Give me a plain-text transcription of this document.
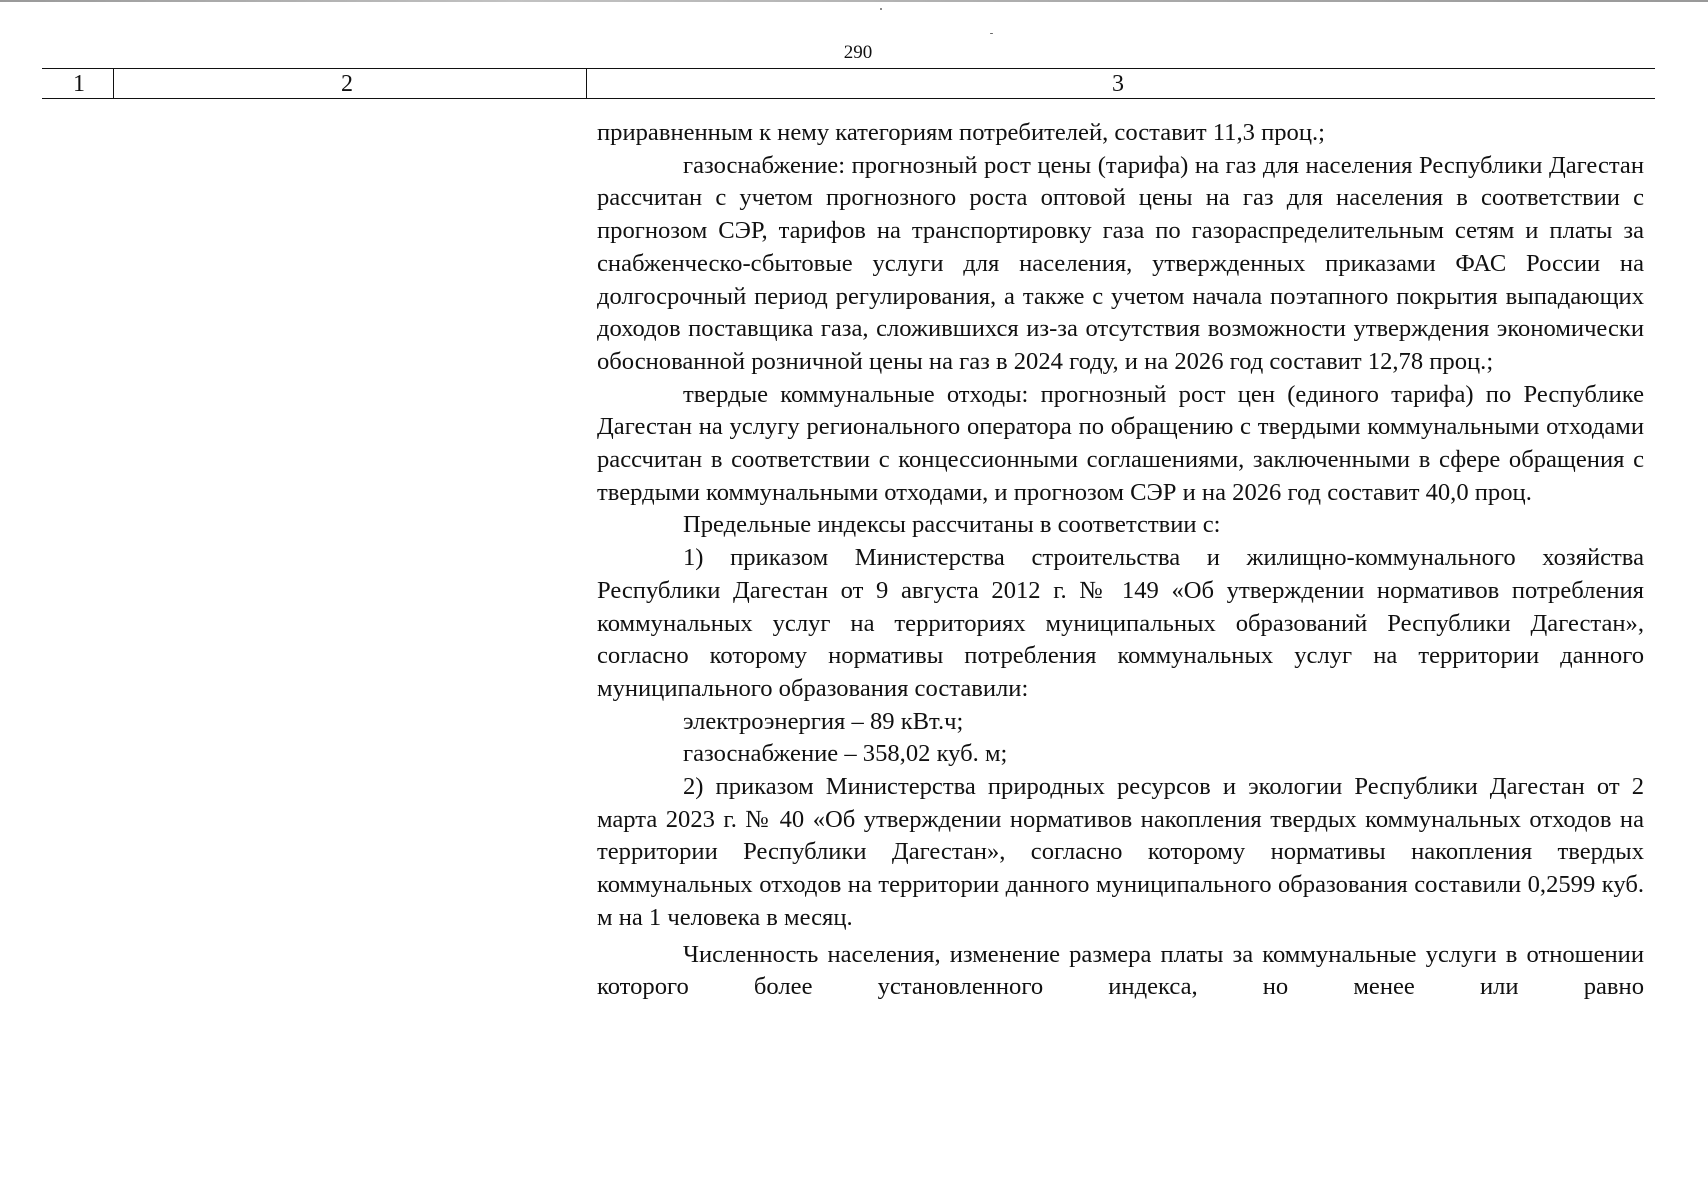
290
1	2	3

приравненным к нему категориям потребителей, составит 11,3 проц.;

газоснабжение: прогнозный рост цены (тарифа) на газ для населения Республики Дагестан рассчитан с учетом прогнозного роста оптовой цены на газ для населения в соответствии с прогнозом СЭР, тарифов на транспортировку газа по газораспределительным сетям и платы за снабженческо-сбытовые услуги для населения, утвержденных приказами ФАС России на долгосрочный период регулирования, а также с учетом начала поэтапного покрытия выпадающих доходов поставщика газа, сложившихся из-за отсутствия возможности утверждения экономически обоснованной розничной цены на газ в 2024 году, и на 2026 год составит 12,78 проц.;

твердые коммунальные отходы: прогнозный рост цен (единого тарифа) по Республике Дагестан на услугу регионального оператора по обращению с твердыми коммунальными отходами рассчитан в соответствии с концессионными соглашениями, заключенными в сфере обращения с твердыми коммунальными отходами, и прогнозом СЭР и на 2026 год составит 40,0 проц.

Предельные индексы рассчитаны в соответствии с:

1) приказом Министерства строительства и жилищно-коммунального хозяйства Республики Дагестан от 9 августа 2012 г. № 149 «Об утверждении нормативов потребления коммунальных услуг на территориях муниципальных образований Республики Дагестан», согласно которому нормативы потребления коммунальных услуг на территории данного муниципального образования составили:

электроэнергия – 89 кВт.ч;

газоснабжение – 358,02 куб. м;

2) приказом Министерства природных ресурсов и экологии Республики Дагестан от 2 марта 2023 г. № 40 «Об утверждении нормативов накопления твердых коммунальных отходов на территории Республики Дагестан», согласно которому нормативы накопления твердых коммунальных отходов на территории данного муниципального образования составили 0,2599 куб. м на 1 человека в месяц.

Численность населения, изменение размера платы за коммунальные услуги в отношении которого более установленного индекса, но менее или равно
